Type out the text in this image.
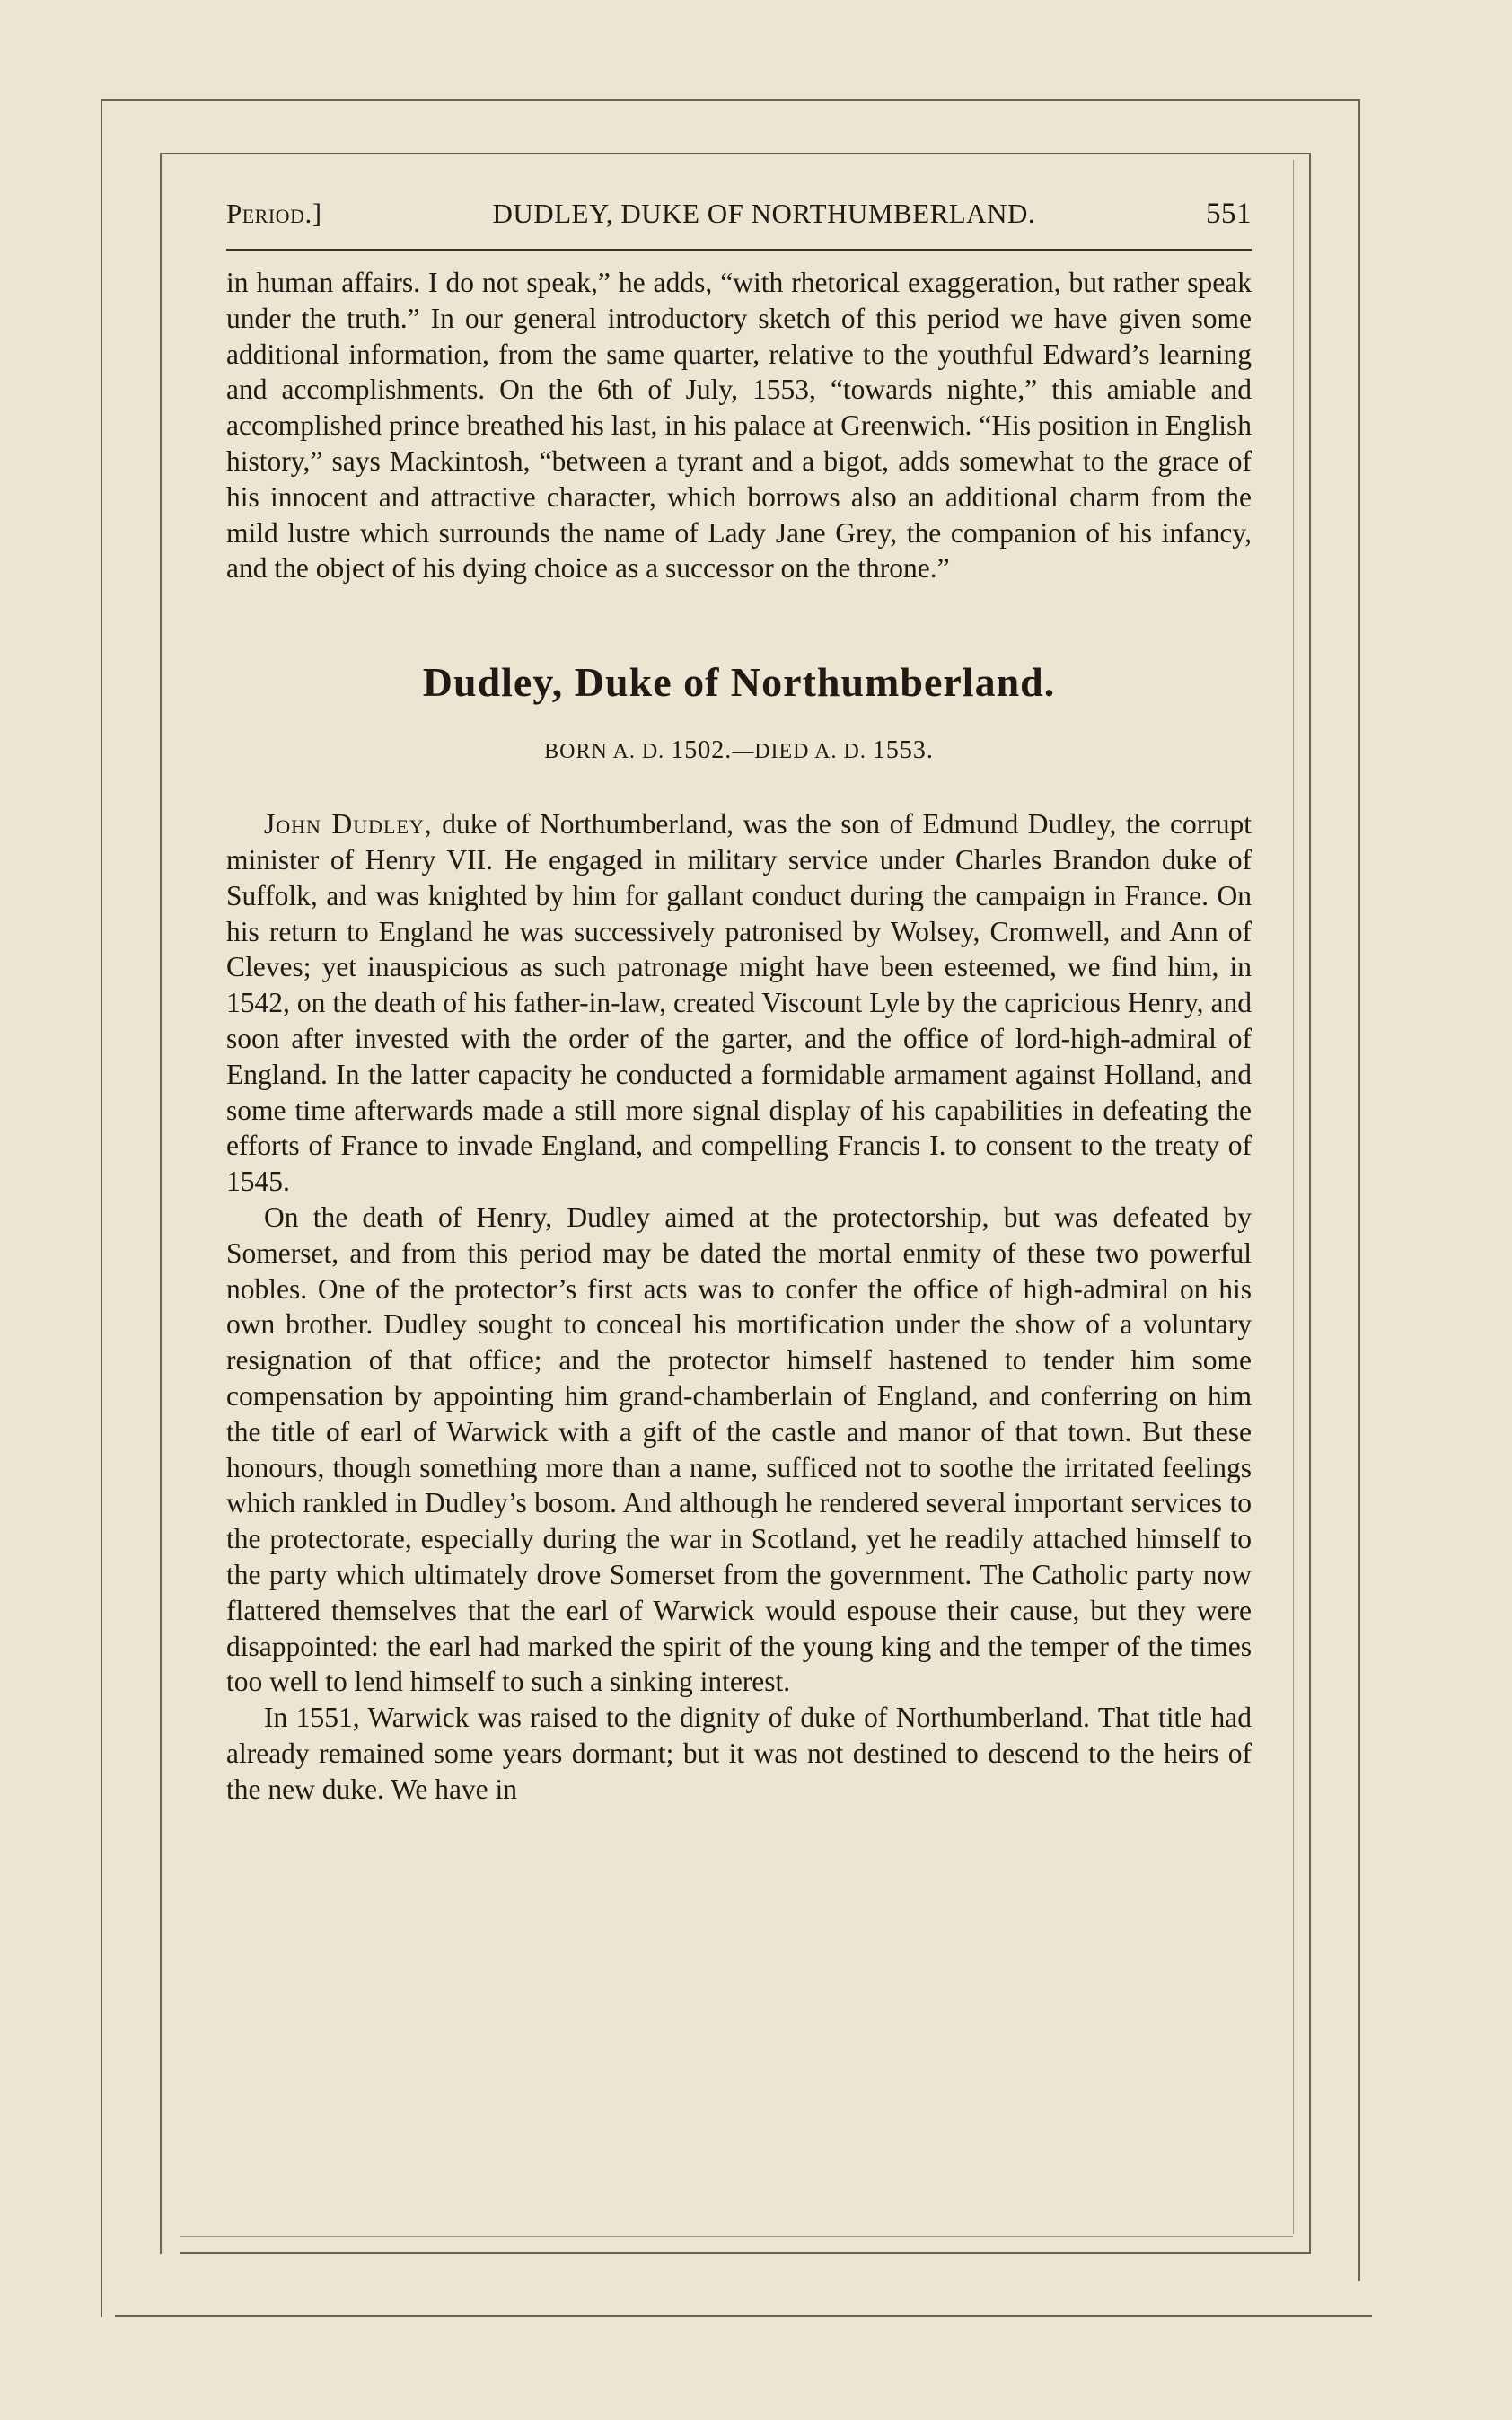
Period.]	DUDLEY, DUKE OF NORTHUMBERLAND.	551

in human affairs. I do not speak,” he adds, “with rhetorical exaggeration, but rather speak under the truth.” In our general introductory sketch of this period we have given some additional information, from the same quarter, relative to the youthful Edward’s learning and accomplishments. On the 6th of July, 1553, “towards nighte,” this amiable and accomplished prince breathed his last, in his palace at Greenwich. “His position in English history,” says Mackintosh, “between a tyrant and a bigot, adds somewhat to the grace of his innocent and attractive character, which borrows also an additional charm from the mild lustre which surrounds the name of Lady Jane Grey, the companion of his infancy, and the object of his dying choice as a successor on the throne.”

Dudley, Duke of Northumberland.
BORN A. D. 1502.—DIED A. D. 1553.

John Dudley, duke of Northumberland, was the son of Edmund Dudley, the corrupt minister of Henry VII. He engaged in military service under Charles Brandon duke of Suffolk, and was knighted by him for gallant conduct during the campaign in France. On his return to England he was successively patronised by Wolsey, Cromwell, and Ann of Cleves; yet inauspicious as such patronage might have been esteemed, we find him, in 1542, on the death of his father-in-law, created Viscount Lyle by the capricious Henry, and soon after invested with the order of the garter, and the office of lord-high-admiral of England. In the latter capacity he conducted a formidable armament against Holland, and some time afterwards made a still more signal display of his capabilities in defeating the efforts of France to invade England, and compelling Francis I. to consent to the treaty of 1545.

On the death of Henry, Dudley aimed at the protectorship, but was defeated by Somerset, and from this period may be dated the mortal enmity of these two powerful nobles. One of the protector’s first acts was to confer the office of high-admiral on his own brother. Dudley sought to conceal his mortification under the show of a voluntary resignation of that office; and the protector himself hastened to tender him some compensation by appointing him grand-chamberlain of England, and conferring on him the title of earl of Warwick with a gift of the castle and manor of that town. But these honours, though something more than a name, sufficed not to soothe the irritated feelings which rankled in Dudley’s bosom. And although he rendered several important services to the protectorate, especially during the war in Scotland, yet he readily attached himself to the party which ultimately drove Somerset from the government. The Catholic party now flattered themselves that the earl of Warwick would espouse their cause, but they were disappointed: the earl had marked the spirit of the young king and the temper of the times too well to lend himself to such a sinking interest.

In 1551, Warwick was raised to the dignity of duke of Northumberland. That title had already remained some years dormant; but it was not destined to descend to the heirs of the new duke. We have in
